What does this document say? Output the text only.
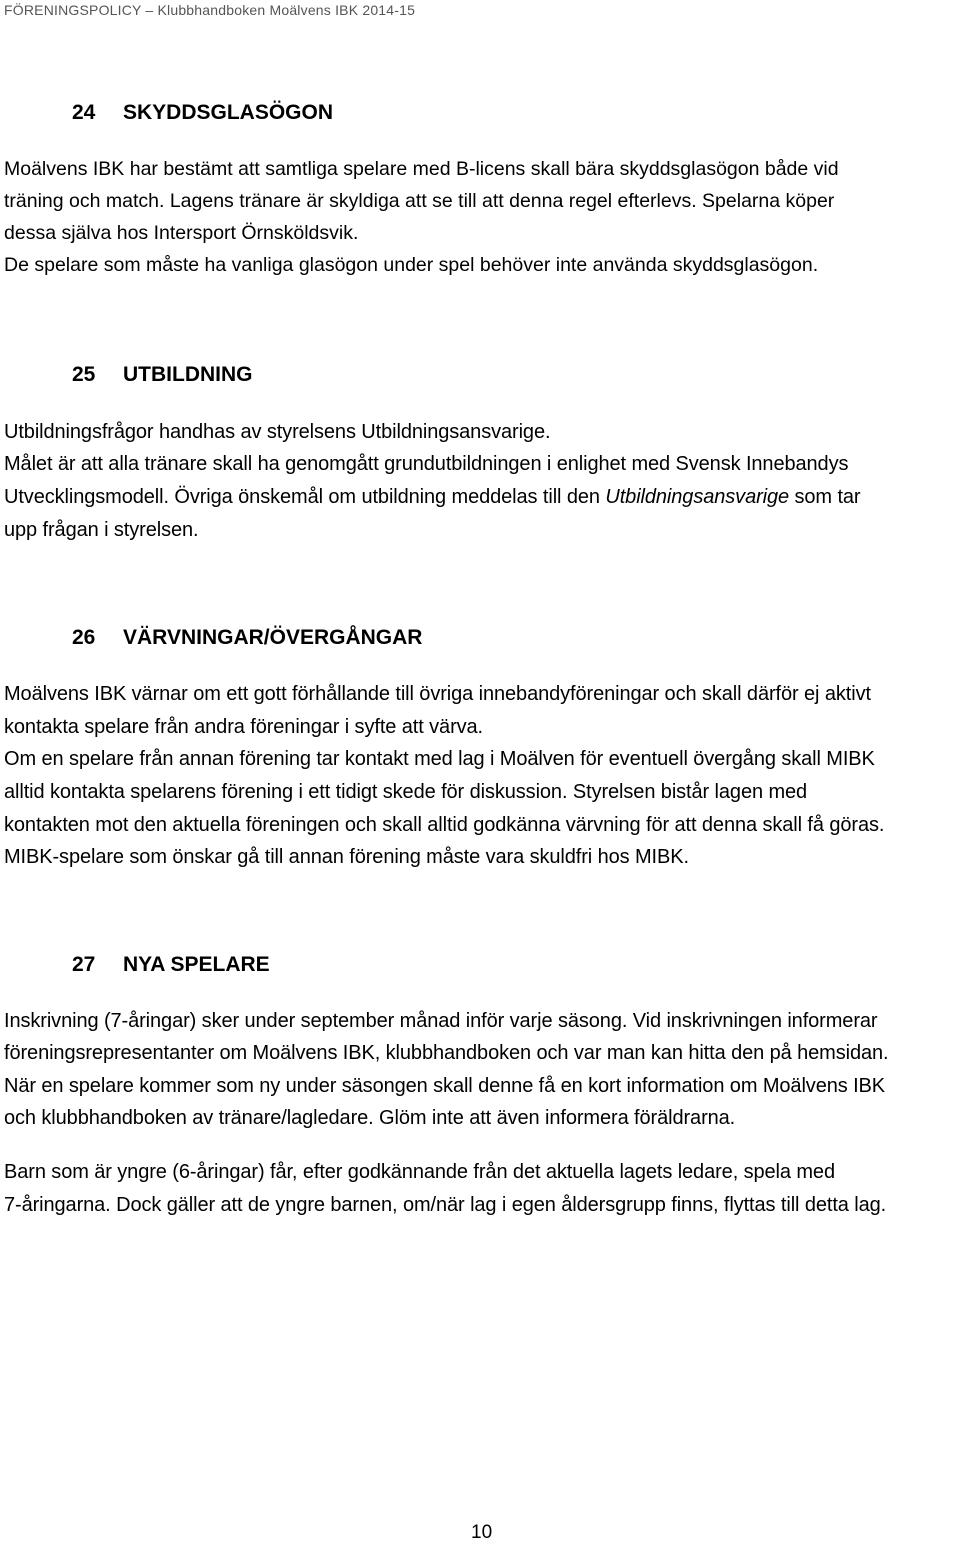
FÖRENINGSPOLICY – Klubbhandboken Moälvens IBK 2014-15
24 SKYDDSGLASÖGON
Moälvens IBK har bestämt att samtliga spelare med B-licens skall bära skyddsglasögon både vid
träning och match. Lagens tränare är skyldiga att se till att denna regel efterlevs. Spelarna köper
dessa själva hos Intersport Örnsköldsvik.
De spelare som måste ha vanliga glasögon under spel behöver inte använda skyddsglasögon.
25 UTBILDNING
Utbildningsfrågor handhas av styrelsens Utbildningsansvarige.
Målet är att alla tränare skall ha genomgått grundutbildningen i enlighet med Svensk Innebandys
Utvecklingsmodell. Övriga önskemål om utbildning meddelas till den Utbildningsansvarige som tar
upp frågan i styrelsen.
26 VÄRVNINGAR/ÖVERGÅNGAR
Moälvens IBK värnar om ett gott förhållande till övriga innebandyföreningar och skall därför ej aktivt
kontakta spelare från andra föreningar i syfte att värva.
Om en spelare från annan förening tar kontakt med lag i Moälven för eventuell övergång skall MIBK
alltid kontakta spelarens förening i ett tidigt skede för diskussion. Styrelsen bistår lagen med
kontakten mot den aktuella föreningen och skall alltid godkänna värvning för att denna skall få göras.
MIBK-spelare som önskar gå till annan förening måste vara skuldfri hos MIBK.
27 NYA SPELARE
Inskrivning (7-åringar) sker under september månad inför varje säsong. Vid inskrivningen informerar
föreningsrepresentanter om Moälvens IBK, klubbhandboken och var man kan hitta den på hemsidan.
När en spelare kommer som ny under säsongen skall denne få en kort information om Moälvens IBK
och klubbhandboken av tränare/lagledare. Glöm inte att även informera föräldrarna.
Barn som är yngre (6-åringar) får, efter godkännande från det aktuella lagets ledare, spela med
7-åringarna. Dock gäller att de yngre barnen, om/när lag i egen åldersgrupp finns, flyttas till detta lag.
10
